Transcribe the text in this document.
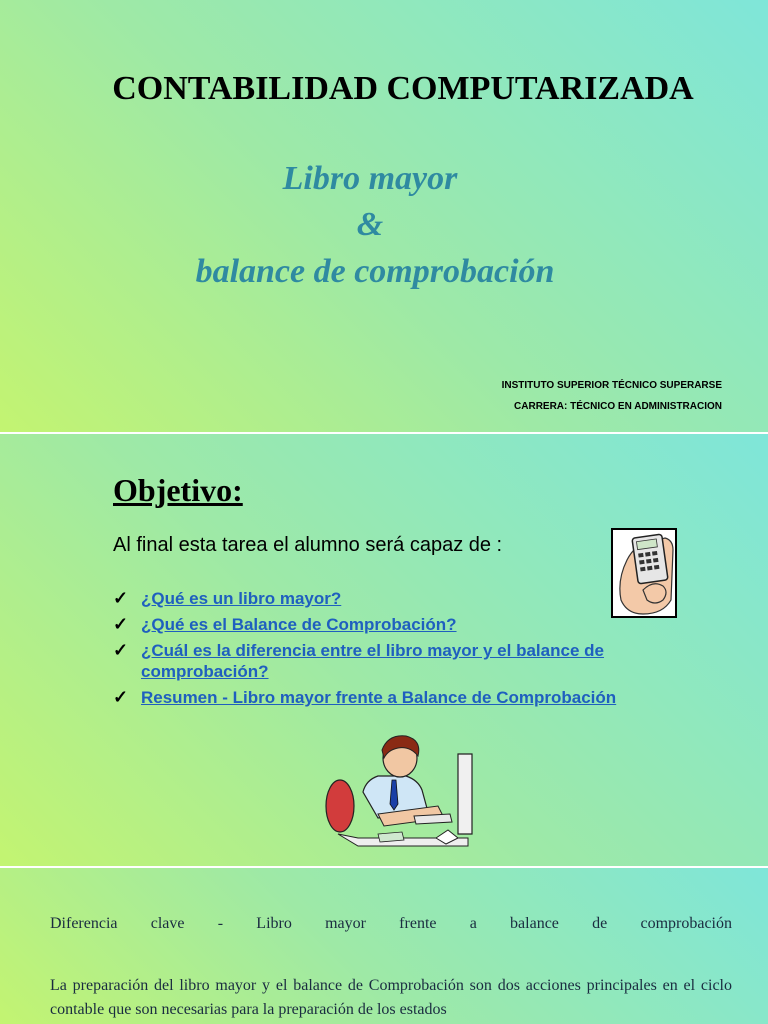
CONTABILIDAD COMPUTARIZADA
Libro mayor
&
balance de comprobación
INSTITUTO SUPERIOR TÉCNICO SUPERARSE
CARRERA: TÉCNICO EN ADMINISTRACION
Objetivo:
Al final esta tarea el alumno será capaz de :
✓ ¿Qué es un libro mayor?
✓ ¿Qué es el Balance de Comprobación?
✓ ¿Cuál es la diferencia entre el libro mayor y el balance de comprobación?
✓ Resumen - Libro mayor frente a Balance de Comprobación

Diferencia clave - Libro mayor frente a balance de comprobación

La preparación del libro mayor y el balance de Comprobación son dos acciones principales en el ciclo contable que son necesarias para la preparación de los estados
